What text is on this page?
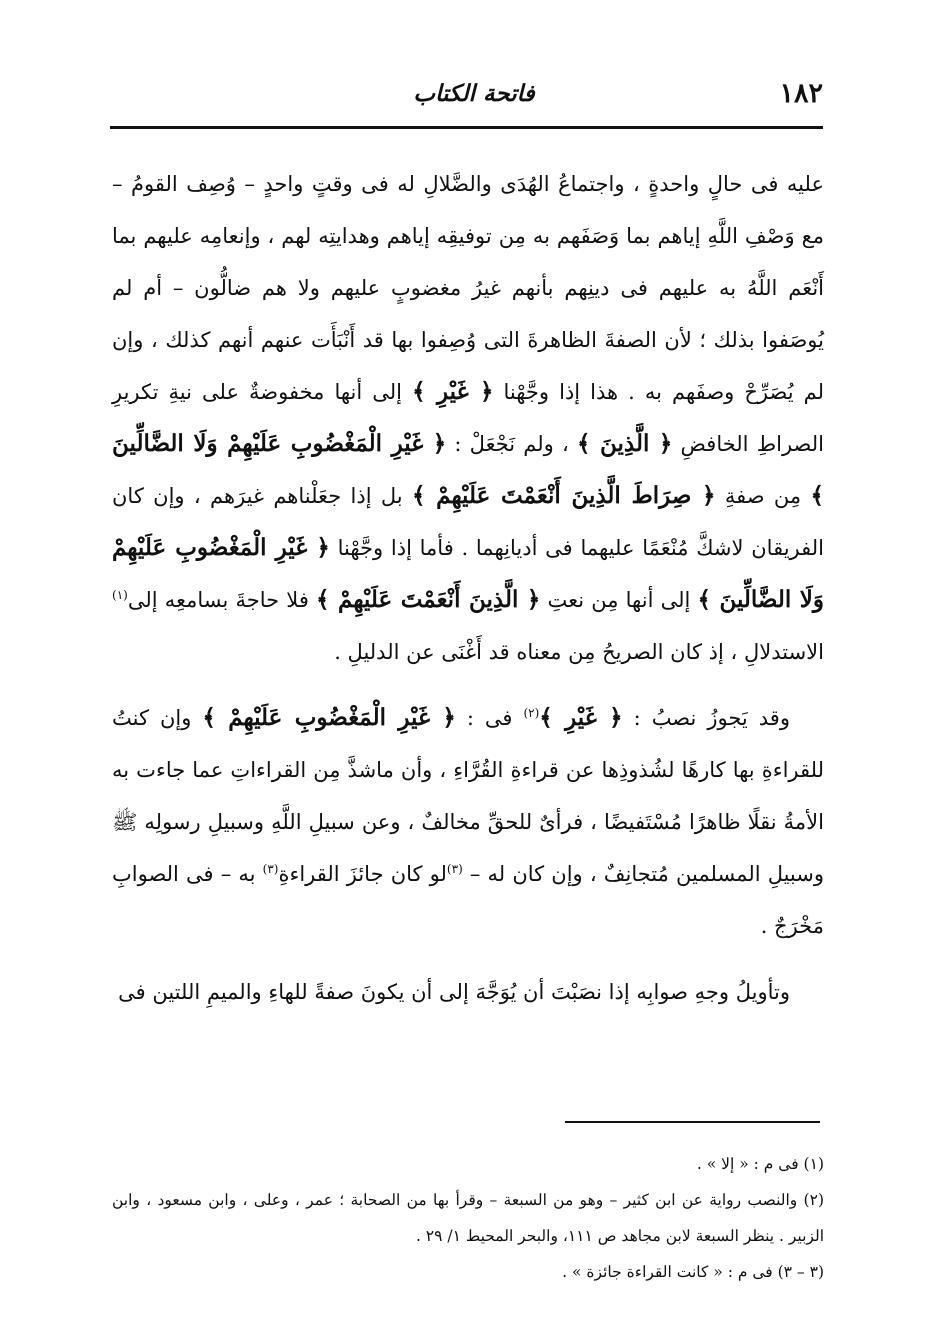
١٨٢
فاتحة الكتاب

عليه فى حالٍ واحدةٍ ، واجتماعُ الهُدَى والضَّلالِ له فى وقتٍ واحدٍ – وُصِف القومُ – مع وَصْفِ اللَّهِ إياهم بما وَصَفَهم به مِن توفيقِه إياهم وهدايتِه لهم ، وإنعامِه عليهم بما أَنْعَم اللَّهُ به عليهم فى دينِهم بأنهم غيرُ مغضوبٍ عليهم ولا هم ضالُّون – أم لم يُوصَفوا بذلك ؛ لأن الصفةَ الظاهرةَ التى وُصِفوا بها قد أَنْبَأَت عنهم أنهم كذلك ، وإن لم يُصَرِّحْ وصفَهم به . هذا إذا وجَّهْنا ﴿ غَيْرِ ﴾ إلى أنها مخفوضةٌ على نيةِ تكريرِ الصراطِ الخافضِ ﴿ الَّذِينَ ﴾ ، ولم نَجْعَلْ : ﴿ غَيْرِ الْمَغْضُوبِ عَلَيْهِمْ وَلَا الضَّالِّينَ ﴾ مِن صفةِ ﴿ صِرَاطَ الَّذِينَ أَنْعَمْتَ عَلَيْهِمْ ﴾ بل إذا جعَلْناهم غيرَهم ، وإن كان الفريقان لاشكَّ مُنْعَمًا عليهما فى أديانِهما . فأما إذا وجَّهْنا ﴿ غَيْرِ الْمَغْضُوبِ عَلَيْهِمْ وَلَا الضَّالِّينَ ﴾ إلى أنها مِن نعتِ ﴿ الَّذِينَ أَنْعَمْتَ عَلَيْهِمْ ﴾ فلا حاجةَ بسامعِه إلى$^{(١)}$ الاستدلالِ ، إذ كان الصريحُ مِن معناه قد أَغْنَى عن الدليلِ .

وقد يَجوزُ نصبُ : ﴿ غَيْرِ ﴾$^{(٢)}$ فى : ﴿ غَيْرِ الْمَغْضُوبِ عَلَيْهِمْ ﴾ وإن كنتُ للقراءةِ بها كارهًا لشُذوذِها عن قراءةِ القُرَّاءِ ، وأن ماشذَّ مِن القراءاتِ عما جاءت به الأمةُ نقلًا ظاهرًا مُسْتَفيضًا ، فرأىٌ للحقِّ مخالفٌ ، وعن سبيلِ اللَّهِ وسبيلِ رسولِه ﷺ وسبيلِ المسلمين مُتجانِفٌ ، وإن كان له – $^{(٣)}$لو كان جائزَ القراءةِ$^{(٣)}$ به – فى الصوابِ مَخْرَجٌ .

وتأويلُ وجهِ صوابِه إذا نصَبْتَ أن يُوَجَّهَ إلى أن يكونَ صفةً للهاءِ والميمِ اللتين فى

(١) فى م : « إلا » .

(٢) والنصب رواية عن ابن كثير – وهو من السبعة – وقرأ بها من الصحابة ؛ عمر ، وعلى ، وابن مسعود ، وابن الزبير . ينظر السبعة لابن مجاهد ص ١١١، والبحر المحيط ١/ ٢٩ .

(٣ – ٣) فى م : « كانت القراءة جائزة » .
